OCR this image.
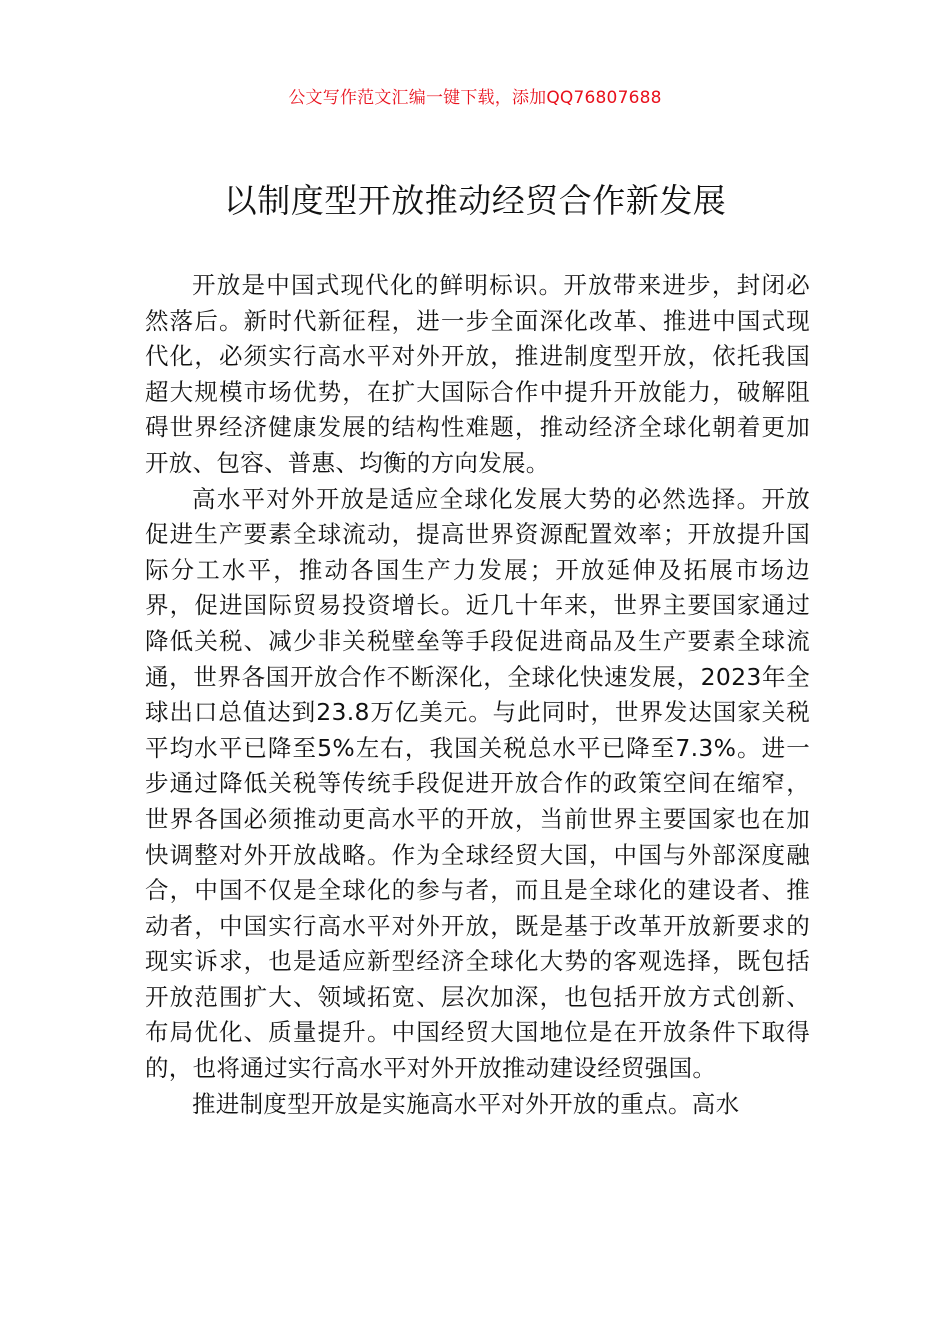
公文写作范文汇编一键下载，添加QQ76807688
以制度型开放推动经贸合作新发展

开放是中国式现代化的鲜明标识。开放带来进步，封闭必然落后。新时代新征程，进一步全面深化改革、推进中国式现代化，必须实行高水平对外开放，推进制度型开放，依托我国超大规模市场优势，在扩大国际合作中提升开放能力，破解阻碍世界经济健康发展的结构性难题，推动经济全球化朝着更加开放、包容、普惠、均衡的方向发展。

高水平对外开放是适应全球化发展大势的必然选择。开放促进生产要素全球流动，提高世界资源配置效率；开放提升国际分工水平，推动各国生产力发展；开放延伸及拓展市场边界，促进国际贸易投资增长。近几十年来，世界主要国家通过降低关税、减少非关税壁垒等手段促进商品及生产要素全球流通，世界各国开放合作不断深化，全球化快速发展，2023年全球出口总值达到23.8万亿美元。与此同时，世界发达国家关税平均水平已降至5%左右，我国关税总水平已降至7.3%。进一步通过降低关税等传统手段促进开放合作的政策空间在缩窄，世界各国必须推动更高水平的开放，当前世界主要国家也在加快调整对外开放战略。作为全球经贸大国，中国与外部深度融合，中国不仅是全球化的参与者，而且是全球化的建设者、推动者，中国实行高水平对外开放，既是基于改革开放新要求的现实诉求，也是适应新型经济全球化大势的客观选择，既包括开放范围扩大、领域拓宽、层次加深，也包括开放方式创新、布局优化、质量提升。中国经贸大国地位是在开放条件下取得的，也将通过实行高水平对外开放推动建设经贸强国。

推进制度型开放是实施高水平对外开放的重点。高水
